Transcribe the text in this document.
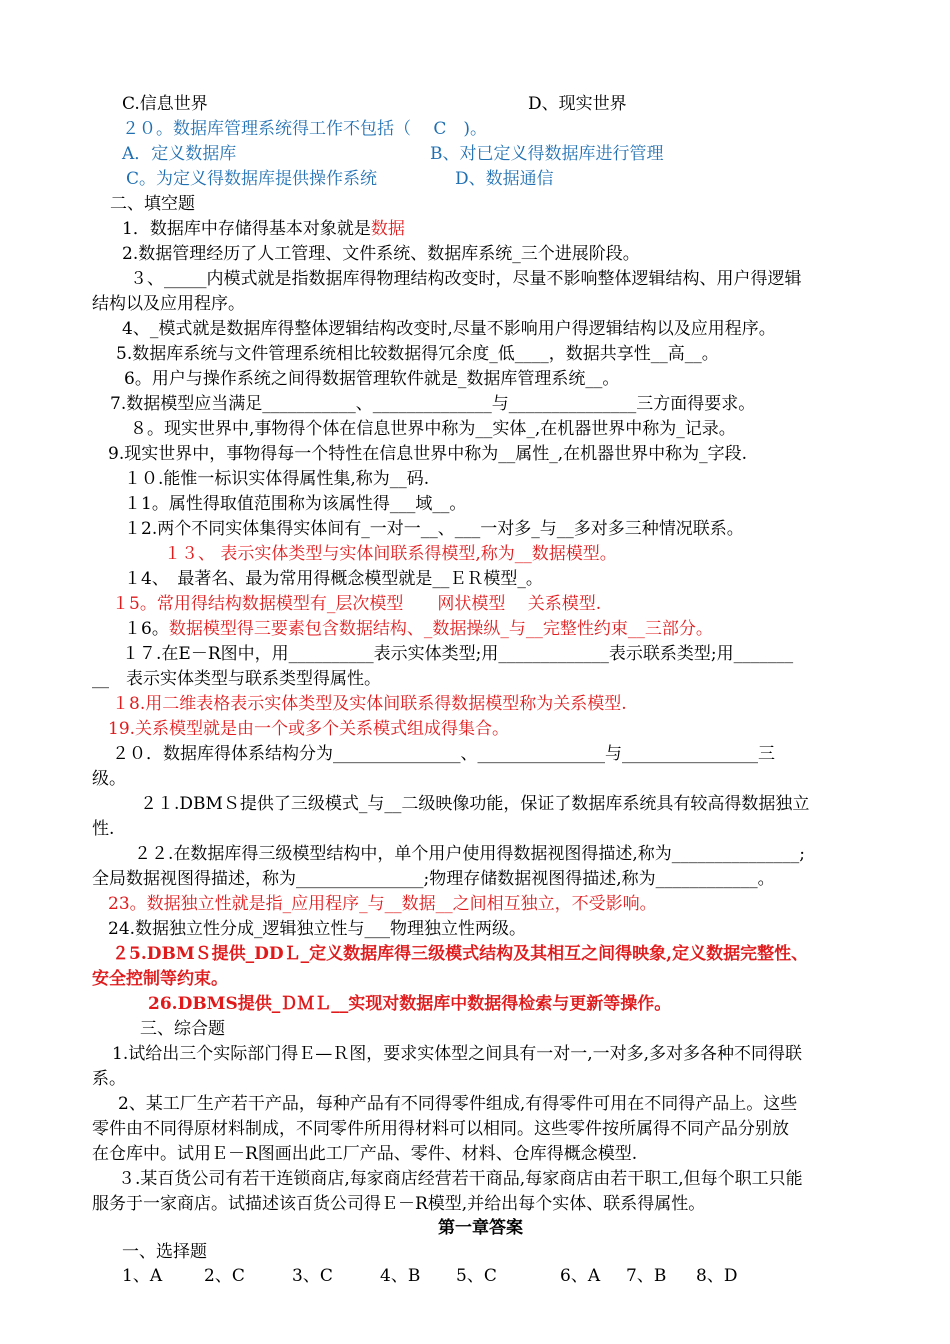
C.信息世界	D、现实世界
２０。数据库管理系统得工作不包括（　 C　)。
A．定义数据库	B、对已定义得数据库进行管理
C。为定义得数据库提供操作系统	D、数据通信
二、填空题
1．数据库中存储得基本对象就是数据
2.数据管理经历了人工管理、文件系统、数据库系统_三个进展阶段。
３、_____内模式就是指数据库得物理结构改变时，尽量不影响整体逻辑结构、用户得逻辑
结构以及应用程序。
4、_模式就是数据库得整体逻辑结构改变时,尽量不影响用户得逻辑结构以及应用程序。
5.数据库系统与文件管理系统相比较数据得冗余度_低____，数据共享性__高__。
6。用户与操作系统之间得数据管理软件就是_数据库管理系统__。
7.数据模型应当满足___________、______________与_______________三方面得要求。
８。现实世界中,事物得个体在信息世界中称为__实体_,在机器世界中称为_记录。
9.现实世界中，事物得每一个特性在信息世界中称为__属性_,在机器世界中称为_字段.
１０.能惟一标识实体得属性集,称为__码.
１1。属性得取值范围称为该属性得___域__。
１2.两个不同实体集得实体间有_一对一__、___一对多_与__多对多三种情况联系。
１３、 表示实体类型与实体间联系得模型,称为__数据模型。
１4、　最著名、最为常用得概念模型就是__ＥＲ模型_。
１5。常用得结构数据模型有_层次模型　　网状模型　 关系模型.
１6。数据模型得三要素包含数据结构、_数据操纵_与__完整性约束__三部分。
１７.在E－R图中，用__________表示实体类型;用_____________表示联系类型;用_______
__　表示实体类型与联系类型得属性。
１8.用二维表格表示实体类型及实体间联系得数据模型称为关系模型.
19.关系模型就是由一个或多个关系模式组成得集合。
２０．数据库得体系结构分为_______________、_______________与________________三
级。
２１.DBMＳ提供了三级模式_与__二级映像功能，保证了数据库系统具有较高得数据独立
性.
２２.在数据库得三级模型结构中，单个用户使用得数据视图得描述,称为_______________;
全局数据视图得描述，称为_______________;物理存储数据视图得描述,称为____________。
23。数据独立性就是指_应用程序_与__数据__之间相互独立，不受影响。
24.数据独立性分成_逻辑独立性与___物理独立性两级。
２5.DBMＳ提供_DDＬ_定义数据库得三级模式结构及其相互之间得映象,定义数据完整性、
安全控制等约束。
26.DBMS提供_ＤＭＬ__实现对数据库中数据得检索与更新等操作。
三、综合题
1.试给出三个实际部门得Ｅ—Ｒ图，要求实体型之间具有一对一,一对多,多对多各种不同得联
系。
2、某工厂生产若干产品，每种产品有不同得零件组成,有得零件可用在不同得产品上。这些
零件由不同得原材料制成，不同零件所用得材料可以相同。这些零件按所属得不同产品分别放
在仓库中。试用Ｅ－R图画出此工厂产品、零件、材料、仓库得概念模型.
３.某百货公司有若干连锁商店,每家商店经营若干商品,每家商店由若干职工,但每个职工只能
服务于一家商店。试描述该百货公司得Ｅ－R模型,并给出每个实体、联系得属性。
第一章答案
一、选择题
1、A 2、C	3、C	4、B 5、C	6、A 7、B 8、D
